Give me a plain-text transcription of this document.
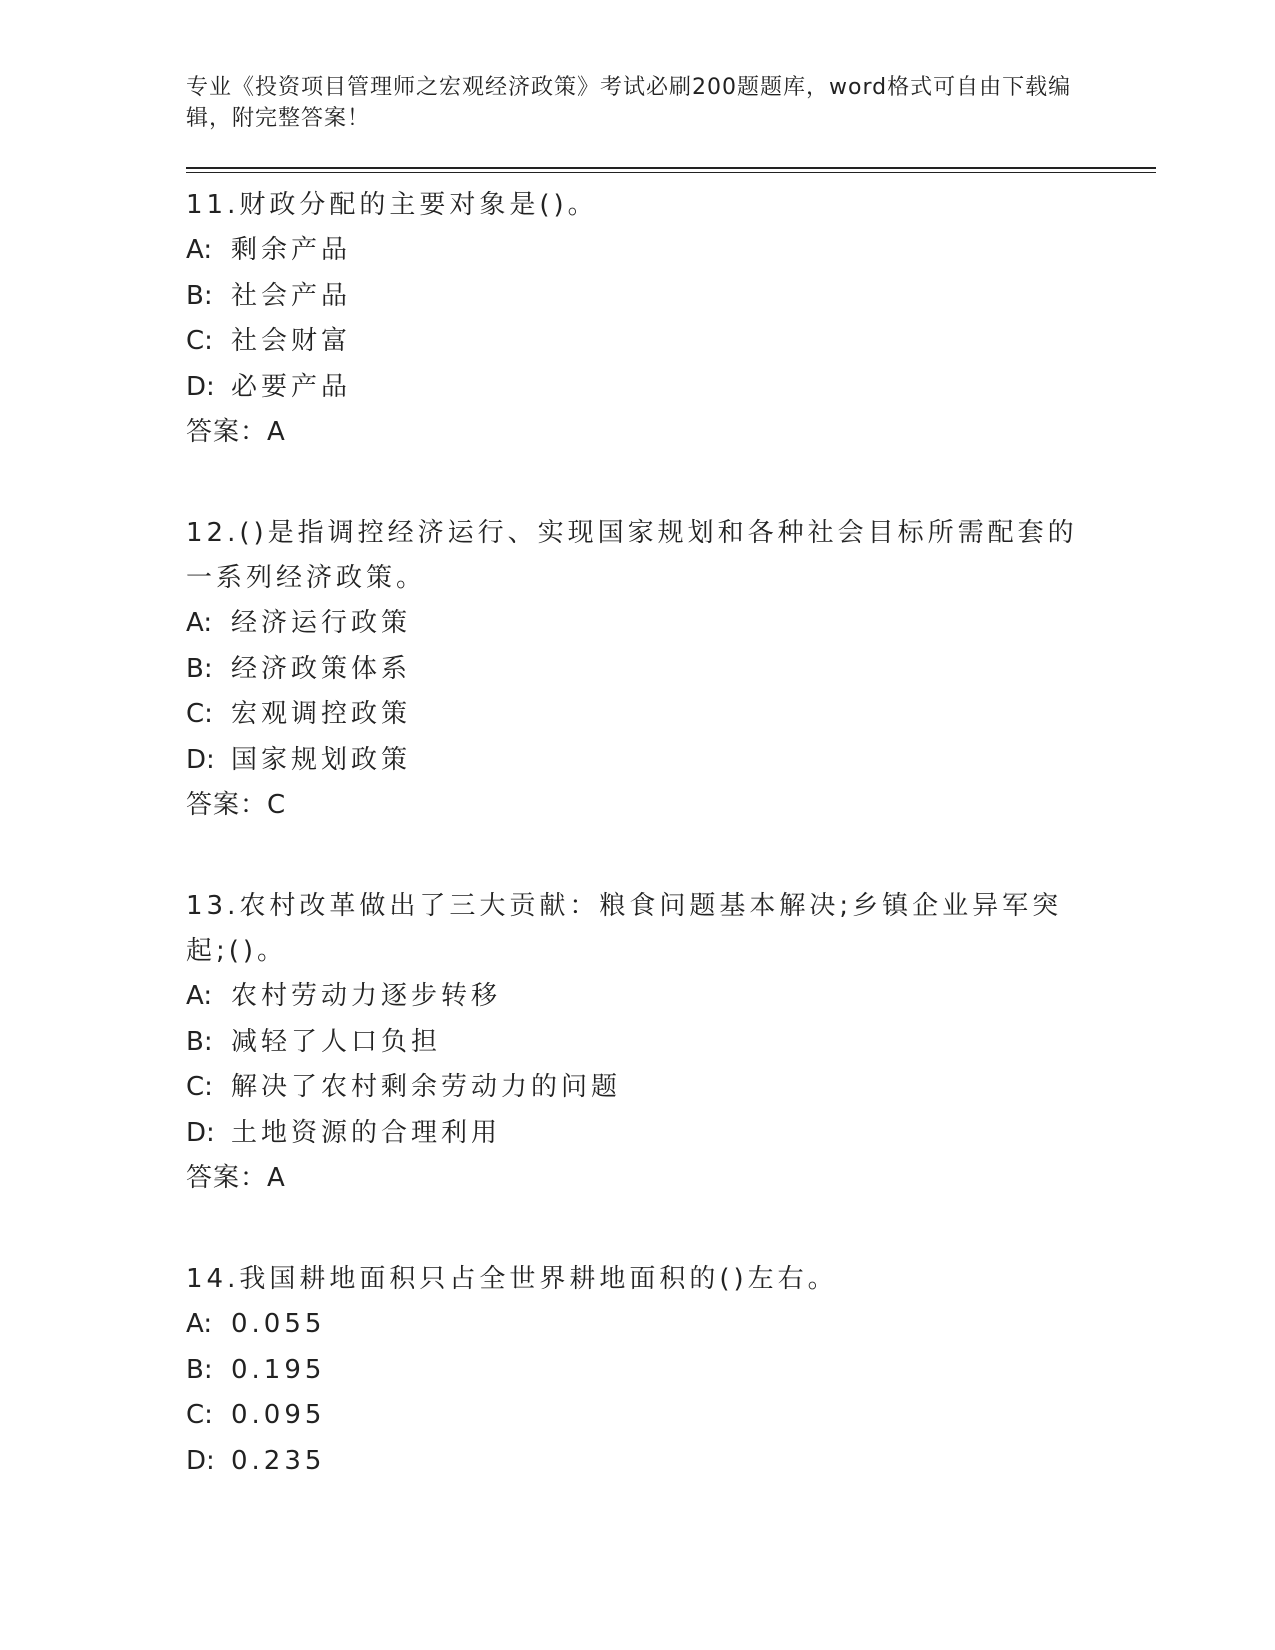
专业《投资项目管理师之宏观经济政策》考试必刷200题题库，word格式可自由下载编辑，附完整答案！
11.财政分配的主要对象是()。
A: 剩余产品
B: 社会产品
C: 社会财富
D: 必要产品
答案：A
12.()是指调控经济运行、实现国家规划和各种社会目标所需配套的一系列经济政策。
A: 经济运行政策
B: 经济政策体系
C: 宏观调控政策
D: 国家规划政策
答案：C
13.农村改革做出了三大贡献：粮食问题基本解决;乡镇企业异军突起;()。
A: 农村劳动力逐步转移
B: 减轻了人口负担
C: 解决了农村剩余劳动力的问题
D: 土地资源的合理利用
答案：A
14.我国耕地面积只占全世界耕地面积的()左右。
A: 0.055
B: 0.195
C: 0.095
D: 0.235
